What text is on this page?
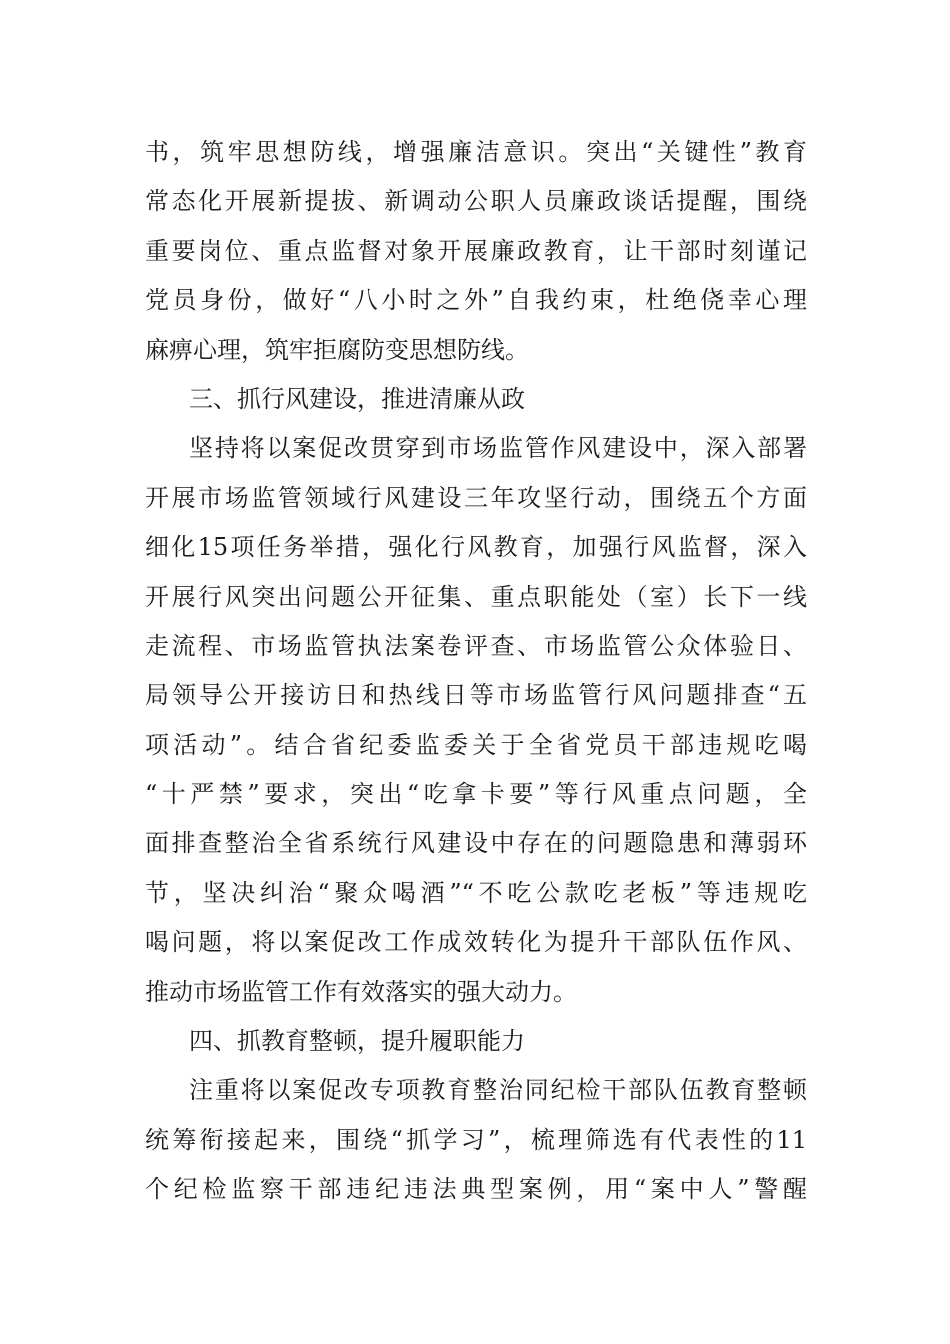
书，筑牢思想防线，增强廉洁意识。突出“关键性”教育
常态化开展新提拔、新调动公职人员廉政谈话提醒，围绕
重要岗位、重点监督对象开展廉政教育，让干部时刻谨记
党员身份，做好“八小时之外”自我约束，杜绝侥幸心理
麻痹心理，筑牢拒腐防变思想防线。
三、抓行风建设，推进清廉从政
坚持将以案促改贯穿到市场监管作风建设中，深入部署
开展市场监管领域行风建设三年攻坚行动，围绕五个方面
细化15项任务举措，强化行风教育，加强行风监督，深入
开展行风突出问题公开征集、重点职能处（室）长下一线
走流程、市场监管执法案卷评查、市场监管公众体验日、
局领导公开接访日和热线日等市场监管行风问题排查“五
项活动”。结合省纪委监委关于全省党员干部违规吃喝
“十严禁”要求，突出“吃拿卡要”等行风重点问题，全
面排查整治全省系统行风建设中存在的问题隐患和薄弱环
节，坚决纠治“聚众喝酒”“不吃公款吃老板”等违规吃
喝问题，将以案促改工作成效转化为提升干部队伍作风、
推动市场监管工作有效落实的强大动力。
四、抓教育整顿，提升履职能力
注重将以案促改专项教育整治同纪检干部队伍教育整顿
统筹衔接起来，围绕“抓学习”，梳理筛选有代表性的11
个纪检监察干部违纪违法典型案例，用“案中人”警醒
